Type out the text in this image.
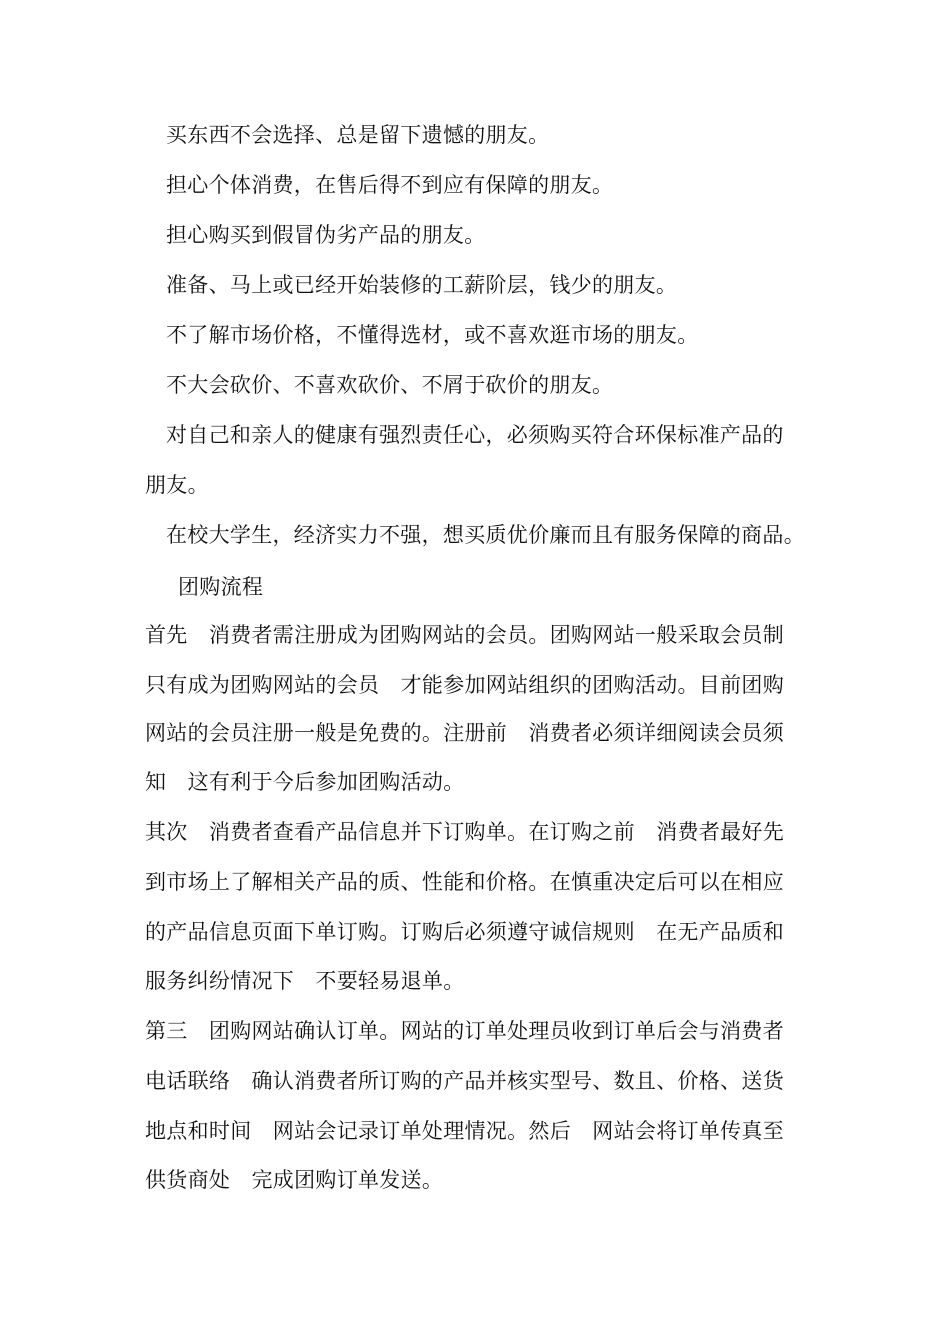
买东西不会选择、总是留下遗憾的朋友。
担心个体消费，在售后得不到应有保障的朋友。
担心购买到假冒伪劣产品的朋友。
准备、马上或已经开始装修的工薪阶层，钱少的朋友。
不了解市场价格，不懂得选材，或不喜欢逛市场的朋友。
不大会砍价、不喜欢砍价、不屑于砍价的朋友。
对自己和亲人的健康有强烈责任心，必须购买符合环保标准产品的
朋友。
在校大学生，经济实力不强，想买质优价廉而且有服务保障的商品。
团购流程
首先　消费者需注册成为团购网站的会员。团购网站一般采取会员制
只有成为团购网站的会员　才能参加网站组织的团购活动。目前团购
网站的会员注册一般是免费的。注册前　消费者必须详细阅读会员须
知　这有利于今后参加团购活动。
其次　消费者查看产品信息并下订购单。在订购之前　消费者最好先
到市场上了解相关产品的质、性能和价格。在慎重决定后可以在相应
的产品信息页面下单订购。订购后必须遵守诚信规则　在无产品质和
服务纠纷情况下　不要轻易退单。
第三　团购网站确认订单。网站的订单处理员收到订单后会与消费者
电话联络　确认消费者所订购的产品并核实型号、数且、价格、送货
地点和时间　网站会记录订单处理情况。然后　网站会将订单传真至
供货商处　完成团购订单发送。
